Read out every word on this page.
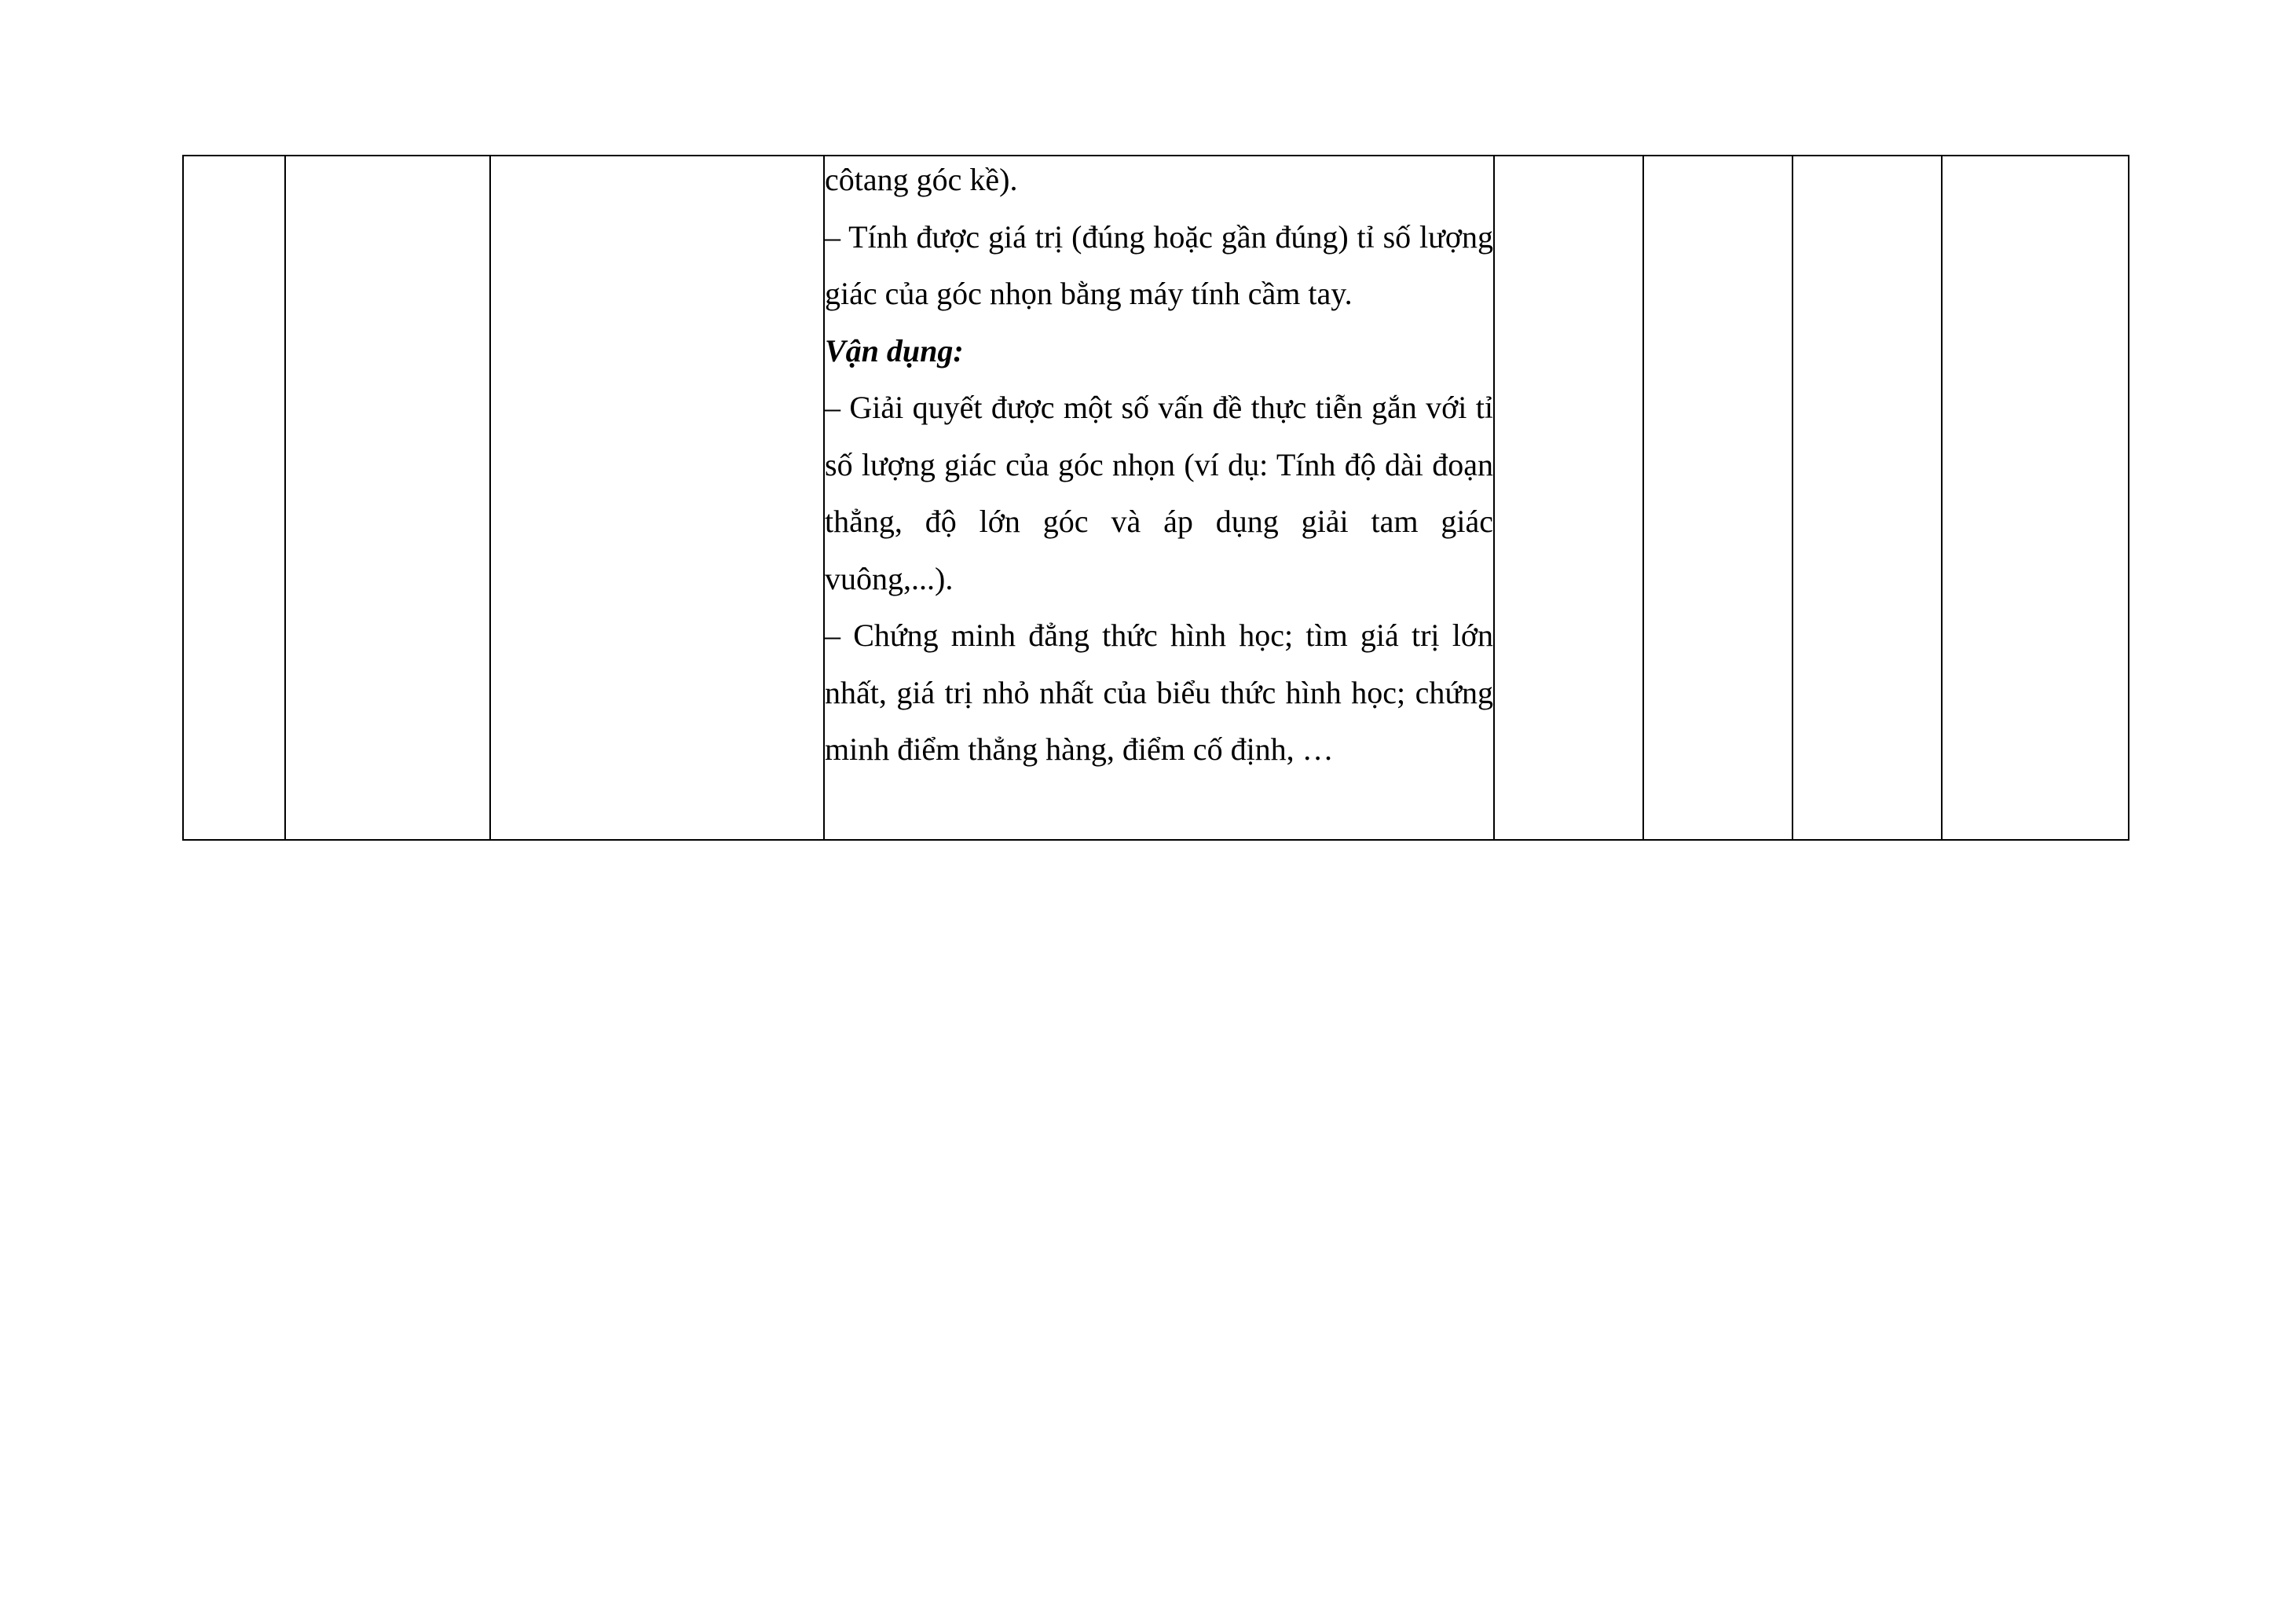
côtang góc kề).

– Tính được giá trị (đúng hoặc gần đúng) tỉ số lượng giác của góc nhọn bằng máy tính cầm tay.

Vận dụng:

– Giải quyết được một số vấn đề thực tiễn gắn với tỉ số lượng giác của góc nhọn (ví dụ: Tính độ dài đoạn thẳng, độ lớn góc và áp dụng giải tam giác vuông,...).

– Chứng minh đẳng thức hình học; tìm giá trị lớn nhất, giá trị nhỏ nhất của biểu thức hình học; chứng minh điểm thẳng hàng, điểm cố định, …
